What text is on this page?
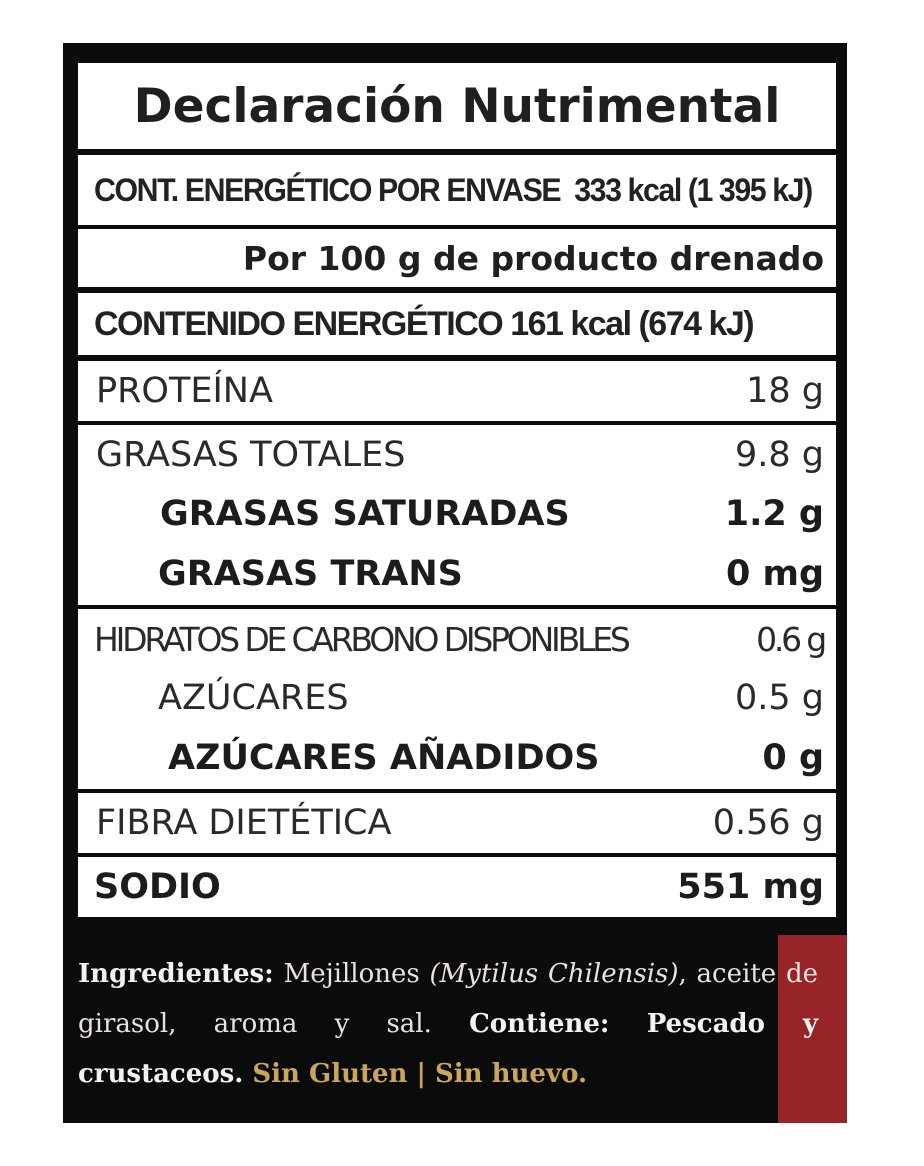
Declaración Nutrimental
CONT. ENERGÉTICO POR ENVASE  333 kcal (1 395 kJ)
Por 100 g de producto drenado
CONTENIDO ENERGÉTICO 161 kcal (674 kJ)
PROTEÍNA	18 g
GRASAS TOTALES	9.8 g
GRASAS SATURADAS	1.2 g
GRASAS TRANS	0 mg
HIDRATOS DE CARBONO DISPONIBLES	0.6 g
AZÚCARES	0.5 g
AZÚCARES AÑADIDOS	0 g
FIBRA DIETÉTICA	0.56 g
SODIO	551 mg
Ingredientes: Mejillones (Mytilus Chilensis), aceite de girasol, aroma y sal. Contiene: Pescado y crustaceos. Sin Gluten | Sin huevo.
